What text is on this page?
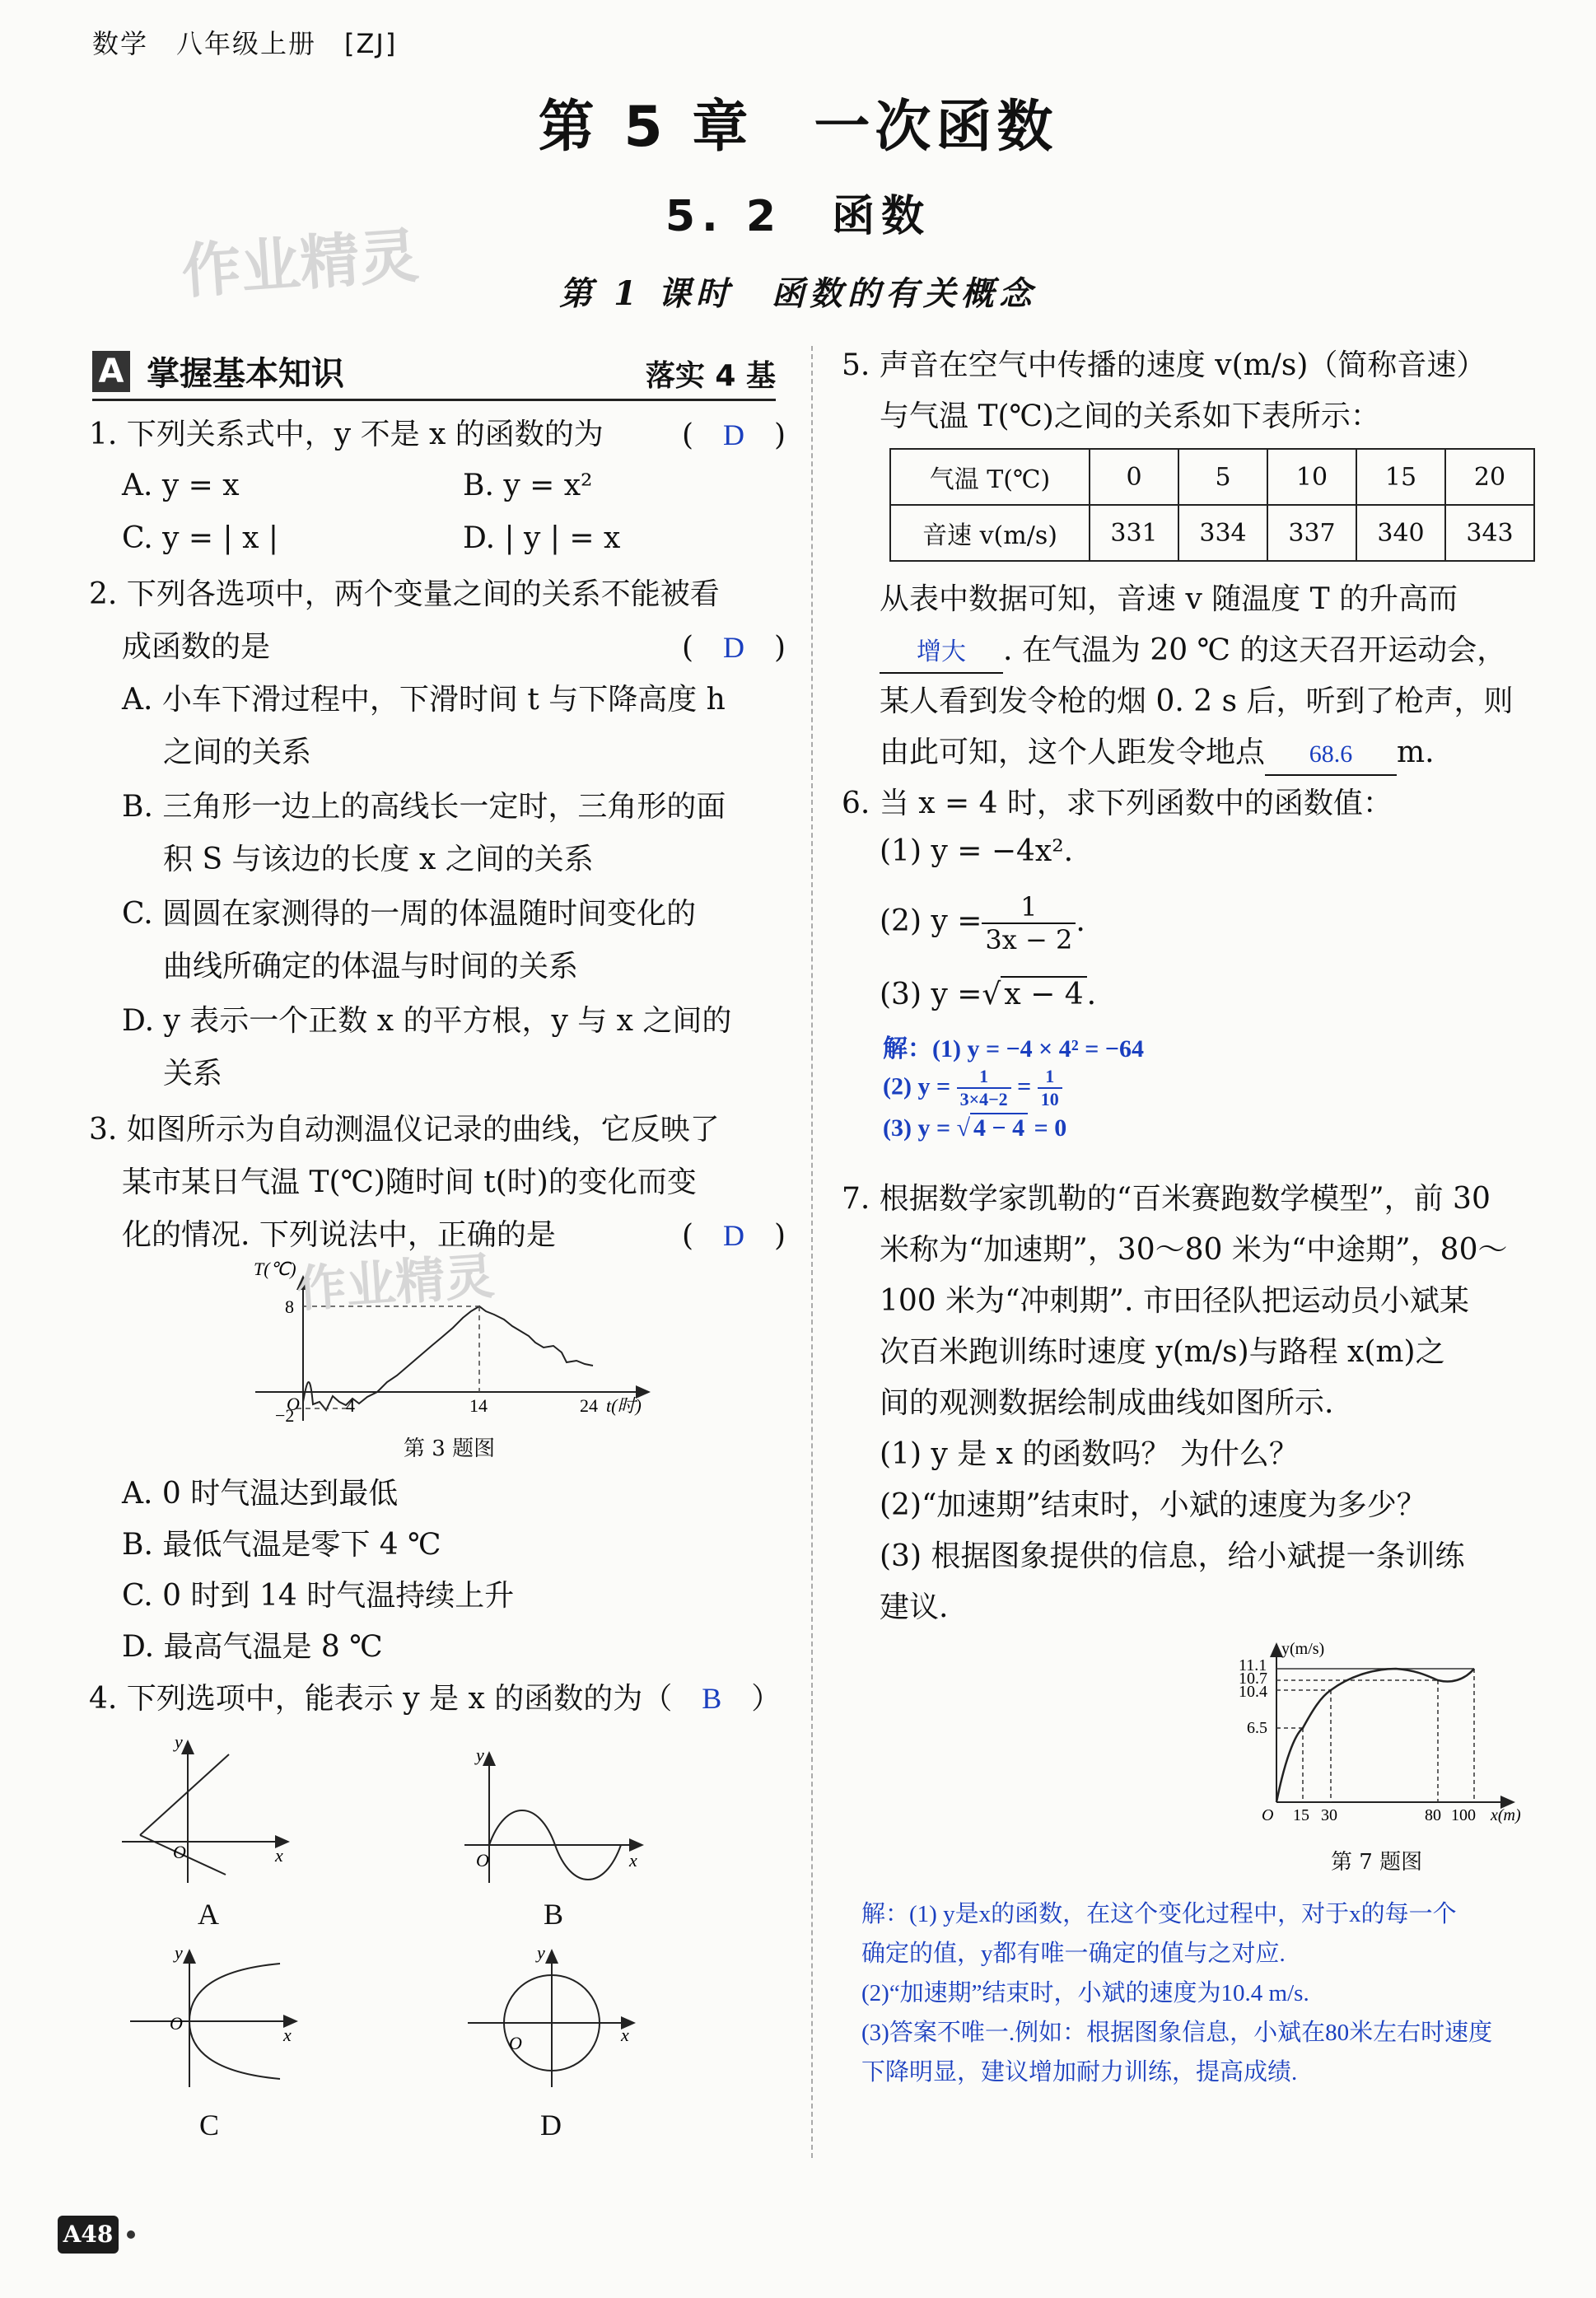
数学　八年级上册　[ZJ]
第 5 章　一次函数
5. 2　函数
第 1 课时　函数的有关概念
作业精灵
A 掌握基本知识	落实 4 基
1. 下列关系式中，y 不是 x 的函数的为	(　D　)
A. y = x	B. y = x²
C. y = | x |	D. | y | = x
2. 下列各选项中，两个变量之间的关系不能被看
成函数的是	(　D　)
A. 小车下滑过程中，下滑时间 t 与下降高度 h
之间的关系
B. 三角形一边上的高线长一定时，三角形的面
积 S 与该边的长度 x 之间的关系
C. 圆圆在家测得的一周的体温随时间变化的
曲线所确定的体温与时间的关系
D. y 表示一个正数 x 的平方根，y 与 x 之间的
关系
3. 如图所示为自动测温仪记录的曲线，它反映了
某市某日气温 T(℃)随时间 t(时)的变化而变
化的情况. 下列说法中，正确的是	(　D　)
T(℃)
8
−2
O	4	14	24 t(时)
作业精灵
第 3 题图
A. 0 时气温达到最低
B. 最低气温是零下 4 ℃
C. 0 时到 14 时气温持续上升
D. 最高气温是 8 ℃
4. 下列选项中，能表示 y 是 x 的函数的为（　 B　 ）
O	x
y
A
O	x
y
B
O
x
y
C
O	x
y
D
5. 声音在空气中传播的速度 v(m/s)（简称音速）
与气温 T(℃)之间的关系如下表所示：
气温 T(℃)	0	5	10	15	20
音速 v(m/s)	331	334	337	340	343
从表中数据可知，音速 v 随温度 T 的升高而
增大 . 在气温为 20 ℃ 的这天召开运动会，
某人看到发令枪的烟 0. 2 s 后，听到了枪声，则
由此可知，这个人距发令地点 68.6 m.
6. 当 x = 4 时，求下列函数中的函数值：
(1) y = −4x².
(2) $y = \frac{1}{3x - 2}$ .
(3) y =√ x − 4 .
解：(1) y = −4 × 4² = −64
(2) $y = \frac{1}{3\times 4-2} = \frac{1}{10}$
(3) y = √ 4 − 4 = 0
7. 根据数学家凯勒的“百米赛跑数学模型”，前 30
米称为“加速期”，30～80 米为“中途期”，80～
100 米为“冲刺期”. 市田径队把运动员小斌某
次百米跑训练时速度 y(m/s)与路程 x(m)之
间的观测数据绘制成曲线如图所示.
(1) y 是 x 的函数吗？ 为什么？
(2)“加速期”结束时，小斌的速度为多少？
(3) 根据图象提供的信息，给小斌提一条训练
建议.
y(m/s)
11.1
10.7
10.4
6.5
O 15 30	80 100 x(m)
第 7 题图
解：(1) y是x的函数，在这个变化过程中，对于x的每一个
确定的值，y都有唯一确定的值与之对应.
(2)“加速期”结束时，小斌的速度为10.4 m/s.
(3)答案不唯一.例如：根据图象信息，小斌在80米左右时速度
下降明显，建议增加耐力训练，提高成绩.
A48
